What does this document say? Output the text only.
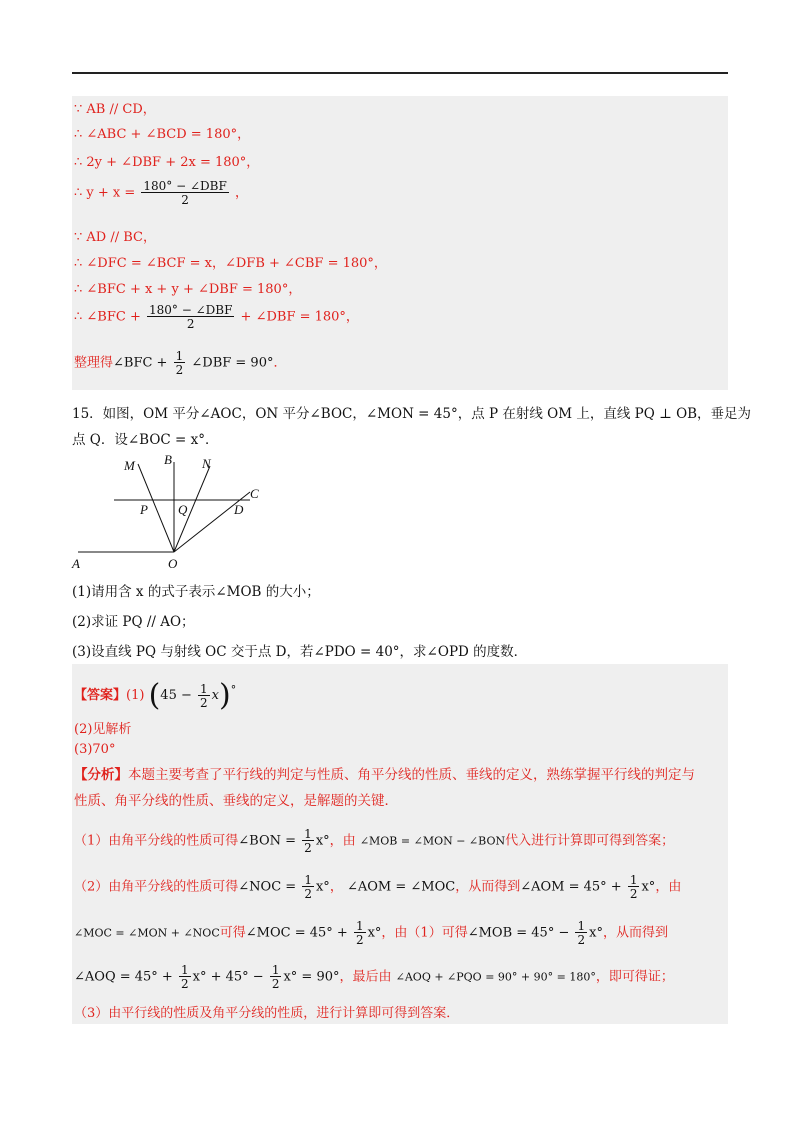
∵ AB // CD，
∴ ∠ABC + ∠BCD = 180°，
∴ 2y + ∠DBF + 2x = 180°，
∴ $y + x = \frac{\text{180° − ∠DBF}}{2}$ ，
∵ AD // BC，
∴ ∠DFC = ∠BCF = x，∠DFB + ∠CBF = 180°，
∴ ∠BFC + x + y + ∠DBF = 180°，
∴ ∠BFC + $\frac{\text{180° − ∠DBF}}{2}$ + ∠DBF = 180°，
整理得∠BFC + $\frac{1}{2}$ ∠DBF = 90°．
15．如图，OM 平分∠AOC，ON 平分∠BOC，∠MON = 45°，点 P 在射线 OM 上，直线 PQ ⊥ OB，垂足为
点 Q．设∠BOC = x°．
M B N
C
P Q	D
A	O
(1)请用含 x 的式子表示∠MOB 的大小；
(2)求证 PQ // AO；
(3)设直线 PQ 与射线 OC 交于点 D，若∠PDO = 40°，求∠OPD 的度数．
【答案】(1) $(45 - \frac{1}{2} x)^\circ$
(2)见解析
(3)70°
【分析】本题主要考查了平行线的判定与性质、角平分线的性质、垂线的定义，熟练掌握平行线的判定与
性质、角平分线的性质、垂线的定义，是解题的关键．
（1）由角平分线的性质可得∠BON = $\frac{1}{2} x^\circ$，由 ∠MOB = ∠MON − ∠BON代入进行计算即可得到答案；
（2）由角平分线的性质可得∠NOC = $\frac{1}{2} x^\circ$， ∠AOM = ∠MOC，从而得到∠AOM = $45^\circ + \frac{1}{2} x^\circ$，由
∠MOC = ∠MON + ∠NOC可得∠MOC = $45^\circ + \frac{1}{2} x^\circ$，由（1）可得∠MOB = $45^\circ - \frac{1}{2} x^\circ$，从而得到
∠AOQ = $45^\circ + \frac{1}{2} x^\circ + 45^\circ - \frac{1}{2} x^\circ = 90^\circ$，最后由 ∠AOQ + ∠PQO = 90° + 90° = 180°，即可得证；
（3）由平行线的性质及角平分线的性质，进行计算即可得到答案．
